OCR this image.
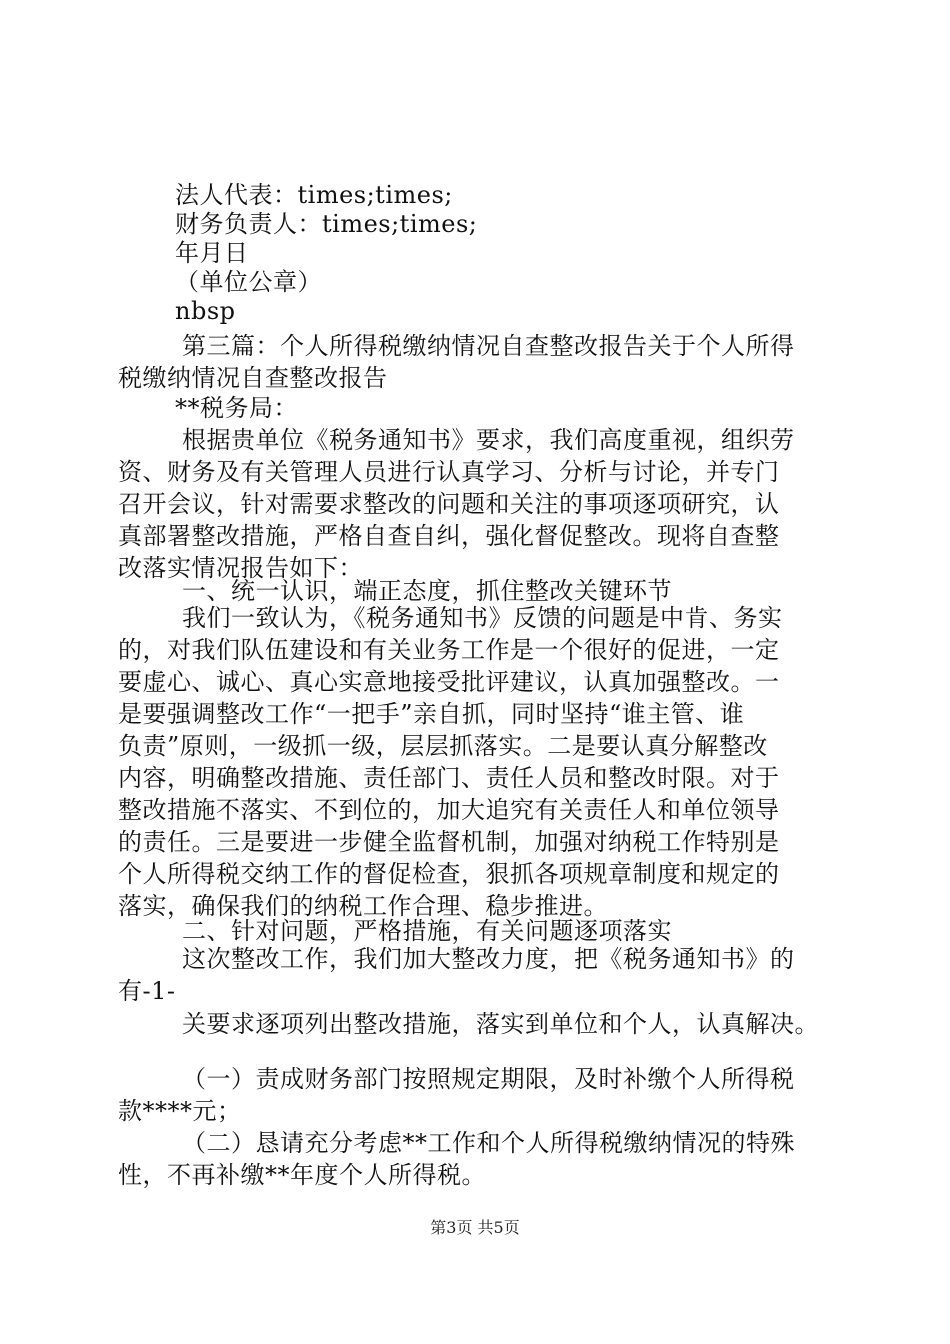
法人代表：times;times;
财务负责人：times;times;
年月日
（单位公章）
nbsp
第三篇：个人所得税缴纳情况自查整改报告关于个人所得
税缴纳情况自查整改报告
**税务局：
根据贵单位《税务通知书》要求，我们高度重视，组织劳
资、财务及有关管理人员进行认真学习、分析与讨论，并专门
召开会议，针对需要求整改的问题和关注的事项逐项研究，认
真部署整改措施，严格自查自纠，强化督促整改。现将自查整
改落实情况报告如下：
一、统一认识，端正态度，抓住整改关键环节
我们一致认为，《税务通知书》反馈的问题是中肯、务实
的，对我们队伍建设和有关业务工作是一个很好的促进，一定
要虚心、诚心、真心实意地接受批评建议，认真加强整改。一
是要强调整改工作“一把手”亲自抓，同时坚持“谁主管、谁
负责”原则，一级抓一级，层层抓落实。二是要认真分解整改
内容，明确整改措施、责任部门、责任人员和整改时限。对于
整改措施不落实、不到位的，加大追究有关责任人和单位领导
的责任。三是要进一步健全监督机制，加强对纳税工作特别是
个人所得税交纳工作的督促检查，狠抓各项规章制度和规定的
落实，确保我们的纳税工作合理、稳步推进。
二、针对问题，严格措施，有关问题逐项落实
这次整改工作，我们加大整改力度，把《税务通知书》的
有-1-
关要求逐项列出整改措施，落实到单位和个人，认真解决。
（一）责成财务部门按照规定期限，及时补缴个人所得税
款****元；
（二）恳请充分考虑**工作和个人所得税缴纳情况的特殊
性，不再补缴**年度个人所得税。
第3页 共5页
